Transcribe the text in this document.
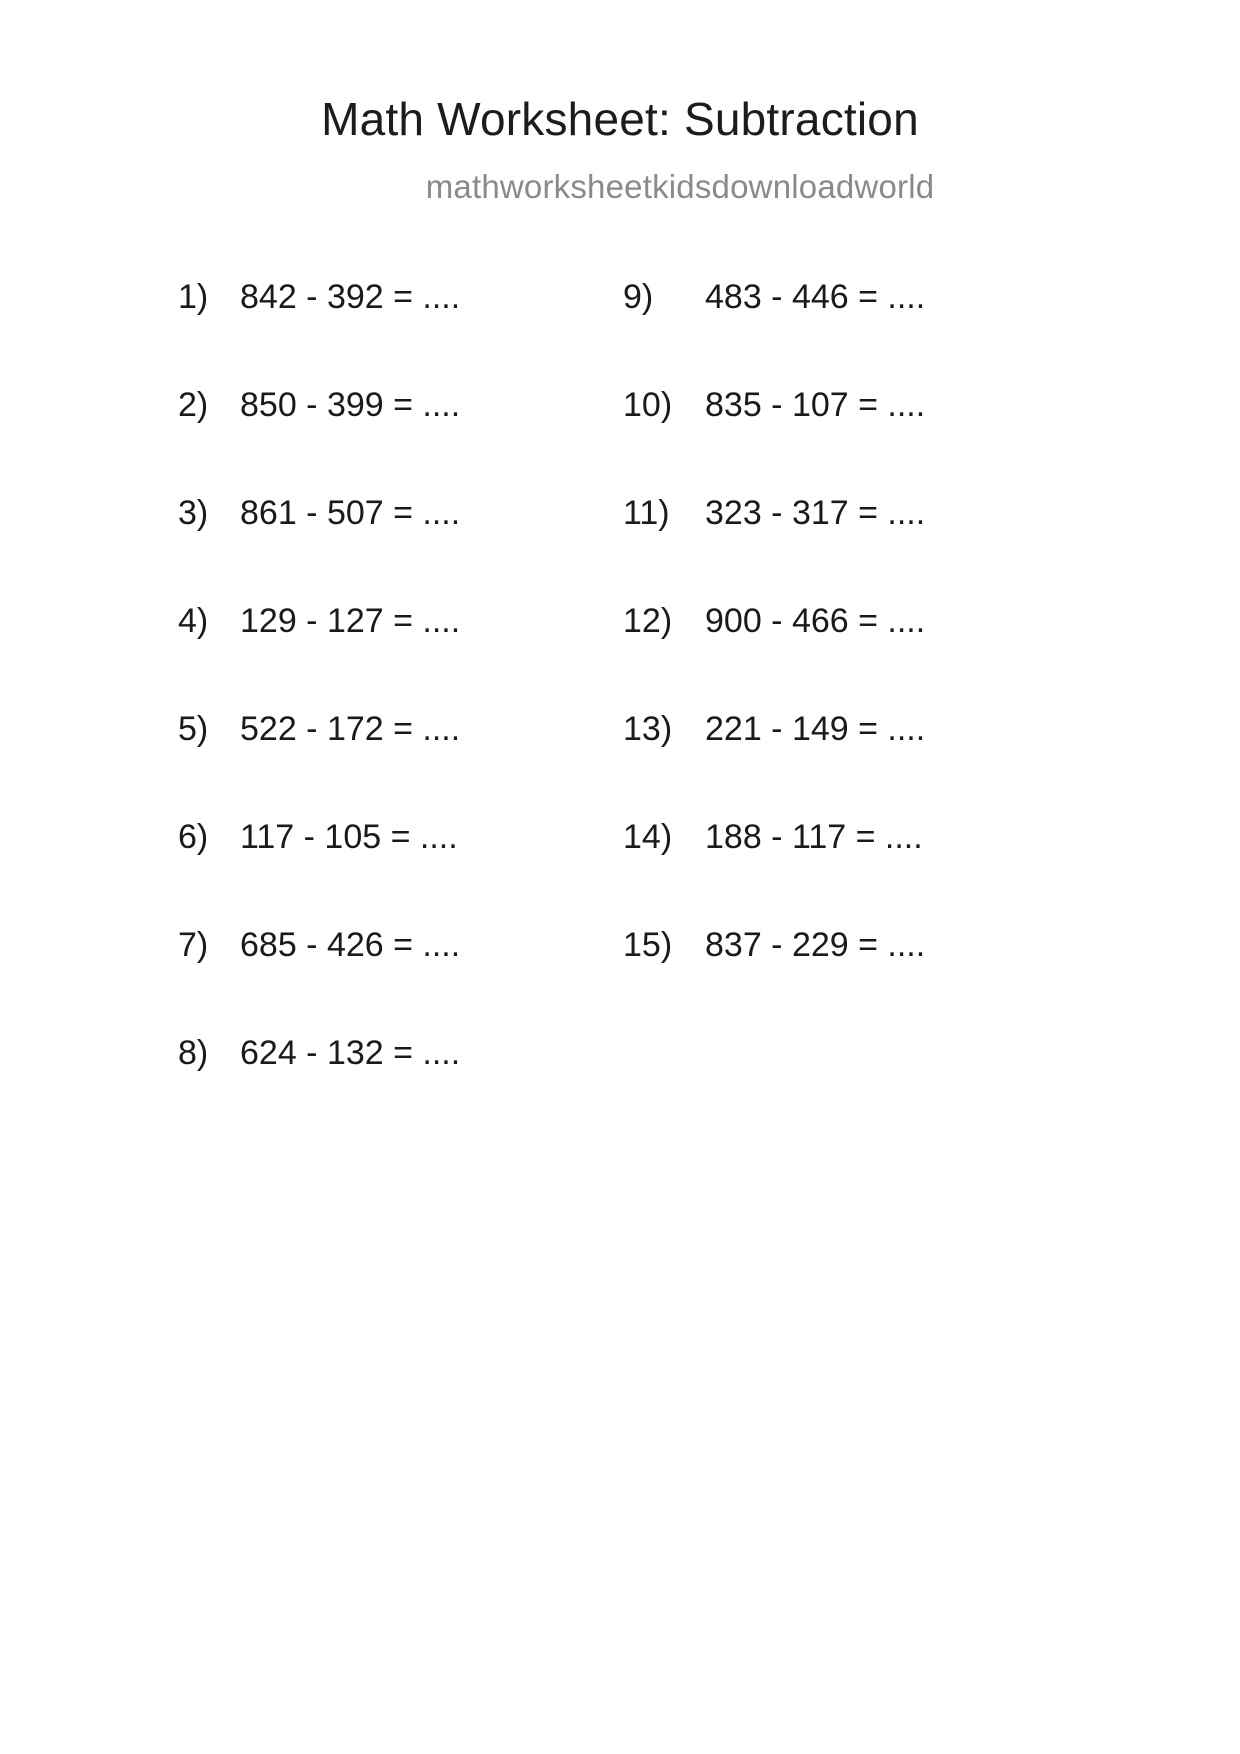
Math Worksheet: Subtraction
mathworksheetkidsdownloadworld
1) 842 - 392 = ....
2) 850 - 399 = ....
3) 861 - 507 = ....
4) 129 - 127 = ....
5) 522 - 172 = ....
6) 117 - 105 = ....
7) 685 - 426 = ....
8) 624 - 132 = ....
9)	483 - 446 = ....
10) 835 - 107 = ....
11)	323 - 317 = ....
12) 900 - 466 = ....
13) 221 - 149 = ....
14) 188 - 117 = ....
15) 837 - 229 = ....
